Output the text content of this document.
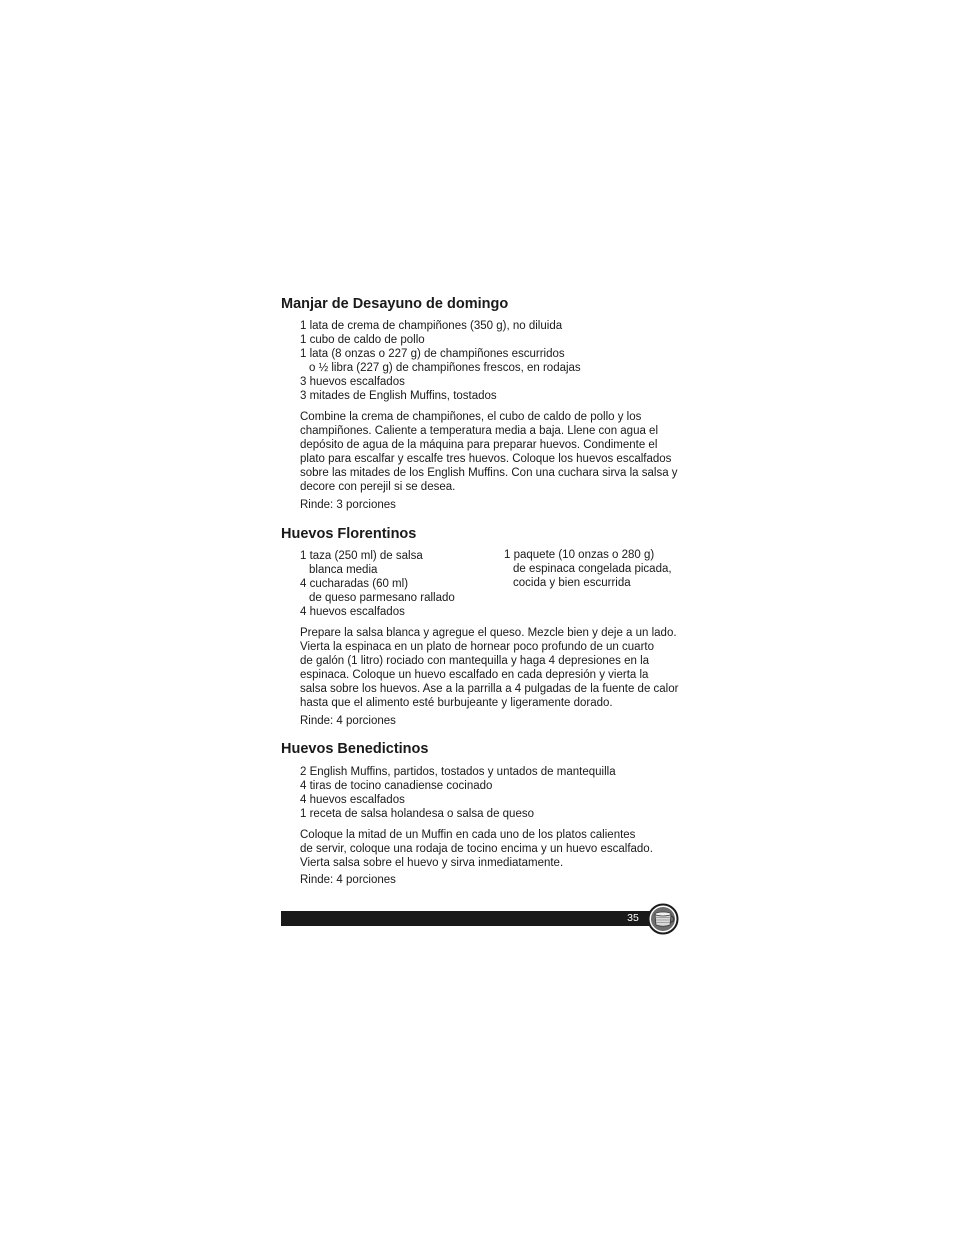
Manjar de Desayuno de domingo
1 lata de crema de champiñones (350 g), no diluida
1 cubo de caldo de pollo
1 lata (8 onzas o 227 g) de champiñones escurridos
o ½ libra (227 g) de champiñones frescos, en rodajas
3 huevos escalfados
3 mitades de English Muffins, tostados
Combine la crema de champiñones, el cubo de caldo de pollo y los
champiñones. Caliente a temperatura media a baja. Llene con agua el
depósito de agua de la máquina para preparar huevos. Condimente el
plato para escalfar y escalfe tres huevos. Coloque los huevos escalfados
sobre las mitades de los English Muffins. Con una cuchara sirva la salsa y
decore con perejil si se desea.
Rinde: 3 porciones
Huevos Florentinos
1 taza (250 ml) de salsa
blanca media
4 cucharadas (60 ml)
de queso parmesano rallado
4 huevos escalfados
1 paquete (10 onzas o 280 g)
de espinaca congelada picada,
cocida y bien escurrida
Prepare la salsa blanca y agregue el queso. Mezcle bien y deje a un lado.
Vierta la espinaca en un plato de hornear poco profundo de un cuarto
de galón (1 litro) rociado con mantequilla y haga 4 depresiones en la
espinaca. Coloque un huevo escalfado en cada depresión y vierta la
salsa sobre los huevos. Ase a la parrilla a 4 pulgadas de la fuente de calor
hasta que el alimento esté burbujeante y ligeramente dorado.
Rinde: 4 porciones
Huevos Benedictinos
2 English Muffins, partidos, tostados y untados de mantequilla
4 tiras de tocino canadiense cocinado
4 huevos escalfados
1 receta de salsa holandesa o salsa de queso
Coloque la mitad de un Muffin en cada uno de los platos calientes
de servir, coloque una rodaja de tocino encima y un huevo escalfado.
Vierta salsa sobre el huevo y sirva inmediatamente.
Rinde: 4 porciones
35
